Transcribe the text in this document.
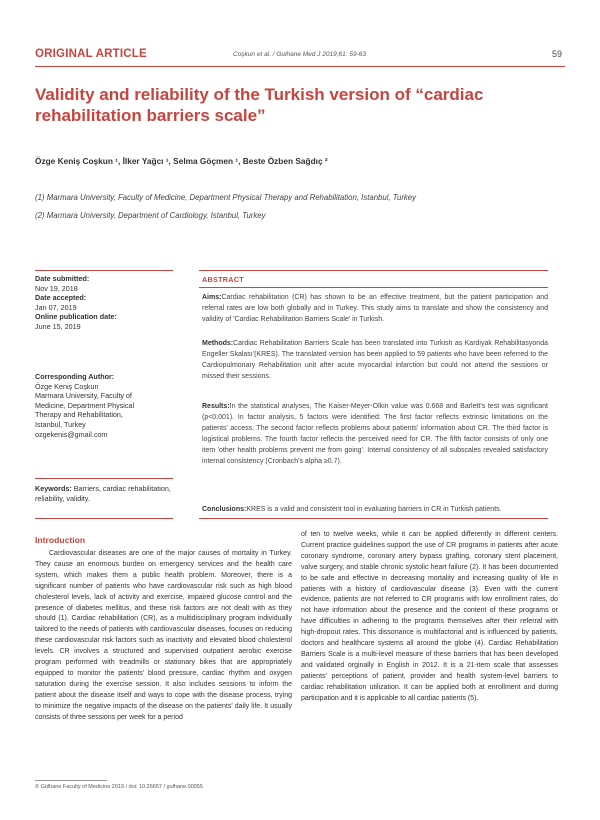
ORIGINAL ARTICLE	Coşkun et al. / Gulhane Med J 2019;61: 59-63	59
Validity and reliability of the Turkish version of “cardiac rehabilitation barriers scale”
Özge Keniş Coşkun ¹, İlker Yağcı ¹, Selma Göçmen ¹, Beste Özben Sağdıç ²
(1) Marmara University, Faculty of Medicine, Department Physical Therapy and Rehabilitation, Istanbul, Turkey
(2) Marmara University, Department of Cardiology, Istanbul, Turkey
Date submitted:
Nov 19, 2018
Date accepted:
Jan 07, 2019
Online publication date:
June 15, 2019
Corresponding Author:
Özge Keniş Coşkun
Marmara University, Faculty of
Medicine, Department Physical
Therapy and Rehabilitation,
Istanbul, Turkey
ozgekenis@gmail.com
Keywords: Barriers, cardiac rehabilitation, reliability, validity.
ABSTRACT

Aims:Cardiac rehabilitation (CR) has shown to be an effective treatment, but the patient participation and referral rates are low both globally and in Turkey. This study aims to translate and show the consistency and validity of 'Cardiac Rehabilitation Barriers Scale' in Turkish.

Methods:Cardiac Rehabilitation Barriers Scale has been translated into Turkish as Kardiyak Rehabilitasyonda Engeller Skalası'(KRES). The translated version has been applied to 59 patients who have been referred to the Cardiopulmonary Rehabilitation unit after acute myocardial infarction but could not attend the sessions or missed their sessions.

Results:In the statistical analyses, The Kaiser-Meyer-Olkin value was 0.668 and Barlett's test was significant (p<0.001). In factor analysis, 5 factors were identified: The first factor reflects extrinsic limitations on the patients' access. The second factor reflects problems about patients' information about CR. The third factor is logistical problems. The fourth factor reflects the perceived need for CR. The fifth factor consists of only one item 'other health problems prevent me from going'. Internal consistency of all subscales revealed satisfactory internal consistency (Cronbach's alpha ≥0.7).

Conclusions:KRES is a valid and consistent tool in evaluating barriers in CR in Turkish patients.

Introduction

Cardiovascular diseases are one of the major causes of mortality in Turkey. They cause an enormous burden on emergency services and the health care system, which makes them a public health problem. Moreover, there is a significant number of patients who have cardiovascular risk such as high blood cholesterol levels, lack of activity and exercise, impaired glucose control and the presence of diabetes mellitus, and these risk factors are not dealt with as they should (1). Cardiac rehabilitation (CR), as a multidisciplinary program individually tailored to the needs of patients with cardiovascular diseases, focuses on reducing these cardiovascular risk factors such as inactivity and elevated blood cholesterol levels. CR involves a structured and supervised outpatient aerobic exercise program performed with treadmills or stationary bikes that are appropriately equipped to monitor the patients' blood pressure, cardiac rhythm and oxygen saturation during the exercise session. It also includes sessions to inform the patient about the disease itself and ways to cope with the disease process, trying to minimize the negative impacts of the disease on the patients' daily life. It usually consists of three sessions per week for a period

of ten to twelve weeks, while it can be applied differently in different centers. Current practice guidelines support the use of CR programs in patients after acute coronary syndrome, coronary artery bypass grafting, coronary stent placement, valve surgery, and stable chronic systolic heart failure (2). It has been documented to be safe and effective in decreasing mortality and increasing quality of life in patients with a history of cardiovascular disease (3). Even with the current evidence, patients are not referred to CR programs with low enrollment rates, do not have information about the presence and the content of these programs or have difficulties in adhering to the programs themselves after their referral with high-dropout rates. This dissonance is multifactorial and is influenced by patients, doctors and healthcare systems all around the globe (4). Cardiac Rehabilitation Barriers Scale is a multi-level measure of these barriers that has been developed and validated orginally in English in 2012. It is a 21-item scale that assesses patients' perceptions of patient, provider and health system-level barriers to cardiac rehabilitation utilization. It can be applied both at enrollment and during participation and it is applicable to all cardiac patients (5).

© Gülhane Faculty of Medicine 2019 / doi: 10.26657 / gulhane.00055
